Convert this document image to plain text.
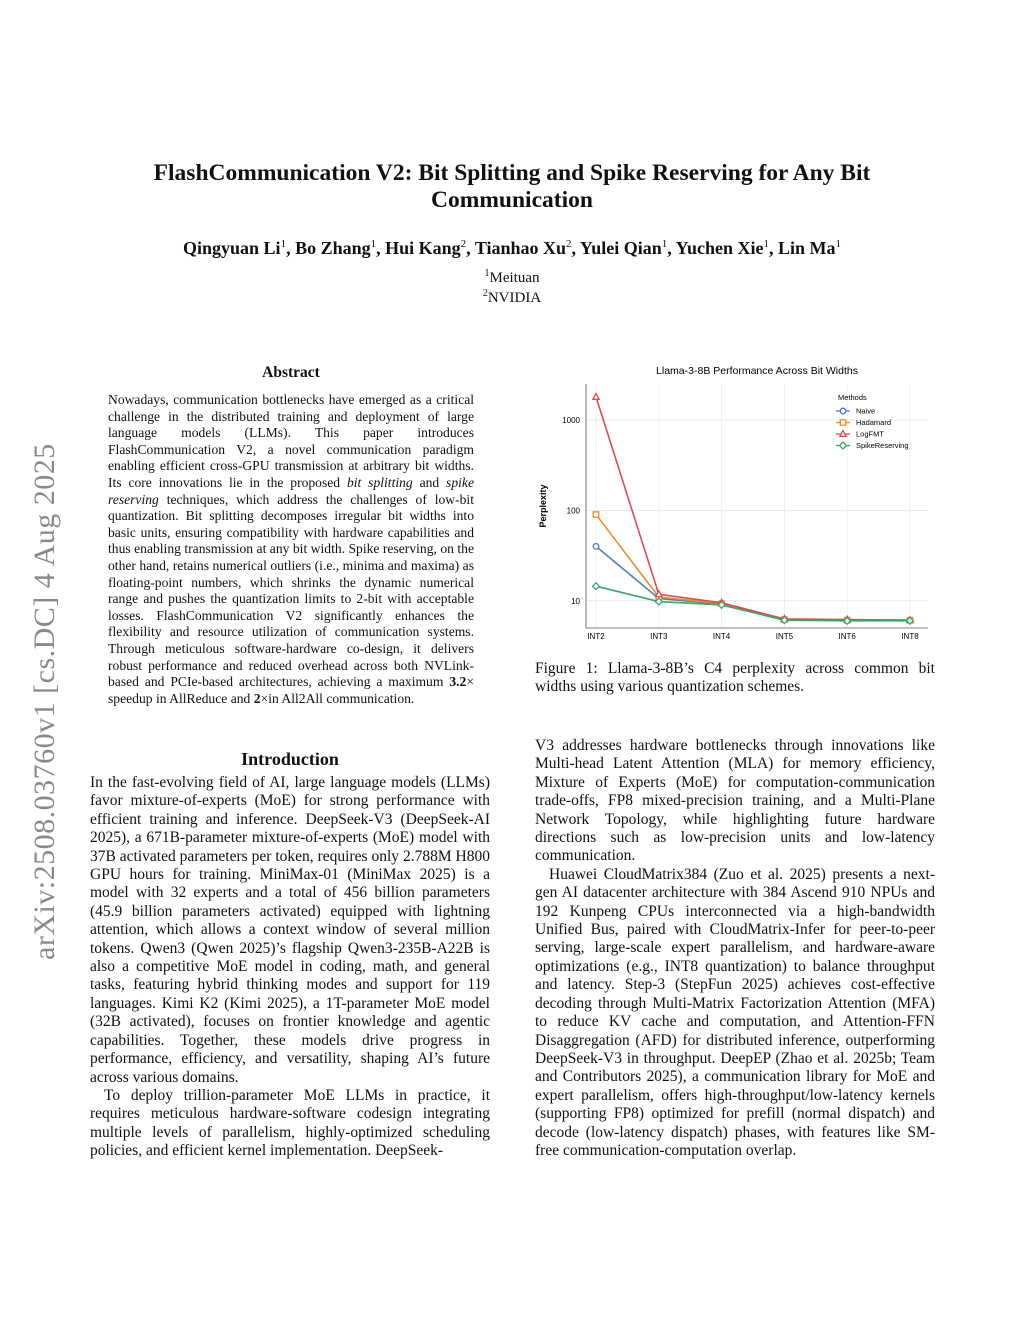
arXiv:2508.03760v1 [cs.DC] 4 Aug 2025
FlashCommunication V2: Bit Splitting and Spike Reserving for Any Bit Communication
Qingyuan Li$^1$, Bo Zhang$^1$, Hui Kang$^2$, Tianhao Xu$^2$, Yulei Qian$^1$, Yuchen Xie$^1$, Lin Ma$^1$
$^1$Meituan
$^2$NVIDIA
Abstract
Nowadays, communication bottlenecks have emerged as a critical challenge in the distributed training and deployment of large language models (LLMs). This paper introduces FlashCommunication V2, a novel communication paradigm enabling efficient cross-GPU transmission at arbitrary bit widths. Its core innovations lie in the proposed bit splitting and spike reserving techniques, which address the challenges of low-bit quantization. Bit splitting decomposes irregular bit widths into basic units, ensuring compatibility with hardware capabilities and thus enabling transmission at any bit width. Spike reserving, on the other hand, retains numerical outliers (i.e., minima and maxima) as floating-point numbers, which shrinks the dynamic numerical range and pushes the quantization limits to 2-bit with acceptable losses. FlashCommunication V2 significantly enhances the flexibility and resource utilization of communication systems. Through meticulous software-hardware co-design, it delivers robust performance and reduced overhead across both NVLink-based and PCIe-based architectures, achieving a maximum 3.2× speedup in AllReduce and 2×in All2All communication.
Introduction

In the fast-evolving field of AI, large language models (LLMs) favor mixture-of-experts (MoE) for strong performance with efficient training and inference. DeepSeek-V3 (DeepSeek-AI 2025), a 671B-parameter mixture-of-experts (MoE) model with 37B activated parameters per token, requires only 2.788M H800 GPU hours for training. MiniMax-01 (MiniMax 2025) is a model with 32 experts and a total of 456 billion parameters (45.9 billion parameters activated) equipped with lightning attention, which allows a context window of several million tokens. Qwen3 (Qwen 2025)’s flagship Qwen3-235B-A22B is also a competitive MoE model in coding, math, and general tasks, featuring hybrid thinking modes and support for 119 languages. Kimi K2 (Kimi 2025), a 1T-parameter MoE model (32B activated), focuses on frontier knowledge and agentic capabilities. Together, these models drive progress in performance, efficiency, and versatility, shaping AI’s future across various domains.

To deploy trillion-parameter MoE LLMs in practice, it requires meticulous hardware-software codesign integrating multiple levels of parallelism, highly-optimized scheduling policies, and efficient kernel implementation. DeepSeek-

Llama-3-8B Performance Across Bit Widths
10
100
1000
INT2	INT3	INT4	INT5	INT6	INT8
Perplexity
Methods
Naive
Hadamard
LogFMT
SpikeReserving
Figure 1: Llama-3-8B’s C4 perplexity across common bit widths using various quantization schemes.

V3 addresses hardware bottlenecks through innovations like Multi-head Latent Attention (MLA) for memory efficiency, Mixture of Experts (MoE) for computation-communication trade-offs, FP8 mixed-precision training, and a Multi-Plane Network Topology, while highlighting future hardware directions such as low-precision units and low-latency communication.

Huawei CloudMatrix384 (Zuo et al. 2025) presents a next-gen AI datacenter architecture with 384 Ascend 910 NPUs and 192 Kunpeng CPUs interconnected via a high-bandwidth Unified Bus, paired with CloudMatrix-Infer for peer-to-peer serving, large-scale expert parallelism, and hardware-aware optimizations (e.g., INT8 quantization) to balance throughput and latency. Step-3 (StepFun 2025) achieves cost-effective decoding through Multi-Matrix Factorization Attention (MFA) to reduce KV cache and computation, and Attention-FFN Disaggregation (AFD) for distributed inference, outperforming DeepSeek-V3 in throughput. DeepEP (Zhao et al. 2025b; Team and Contributors 2025), a communication library for MoE and expert parallelism, offers high-throughput/low-latency kernels (supporting FP8) optimized for prefill (normal dispatch) and decode (low-latency dispatch) phases, with features like SM-free communication-computation overlap.
